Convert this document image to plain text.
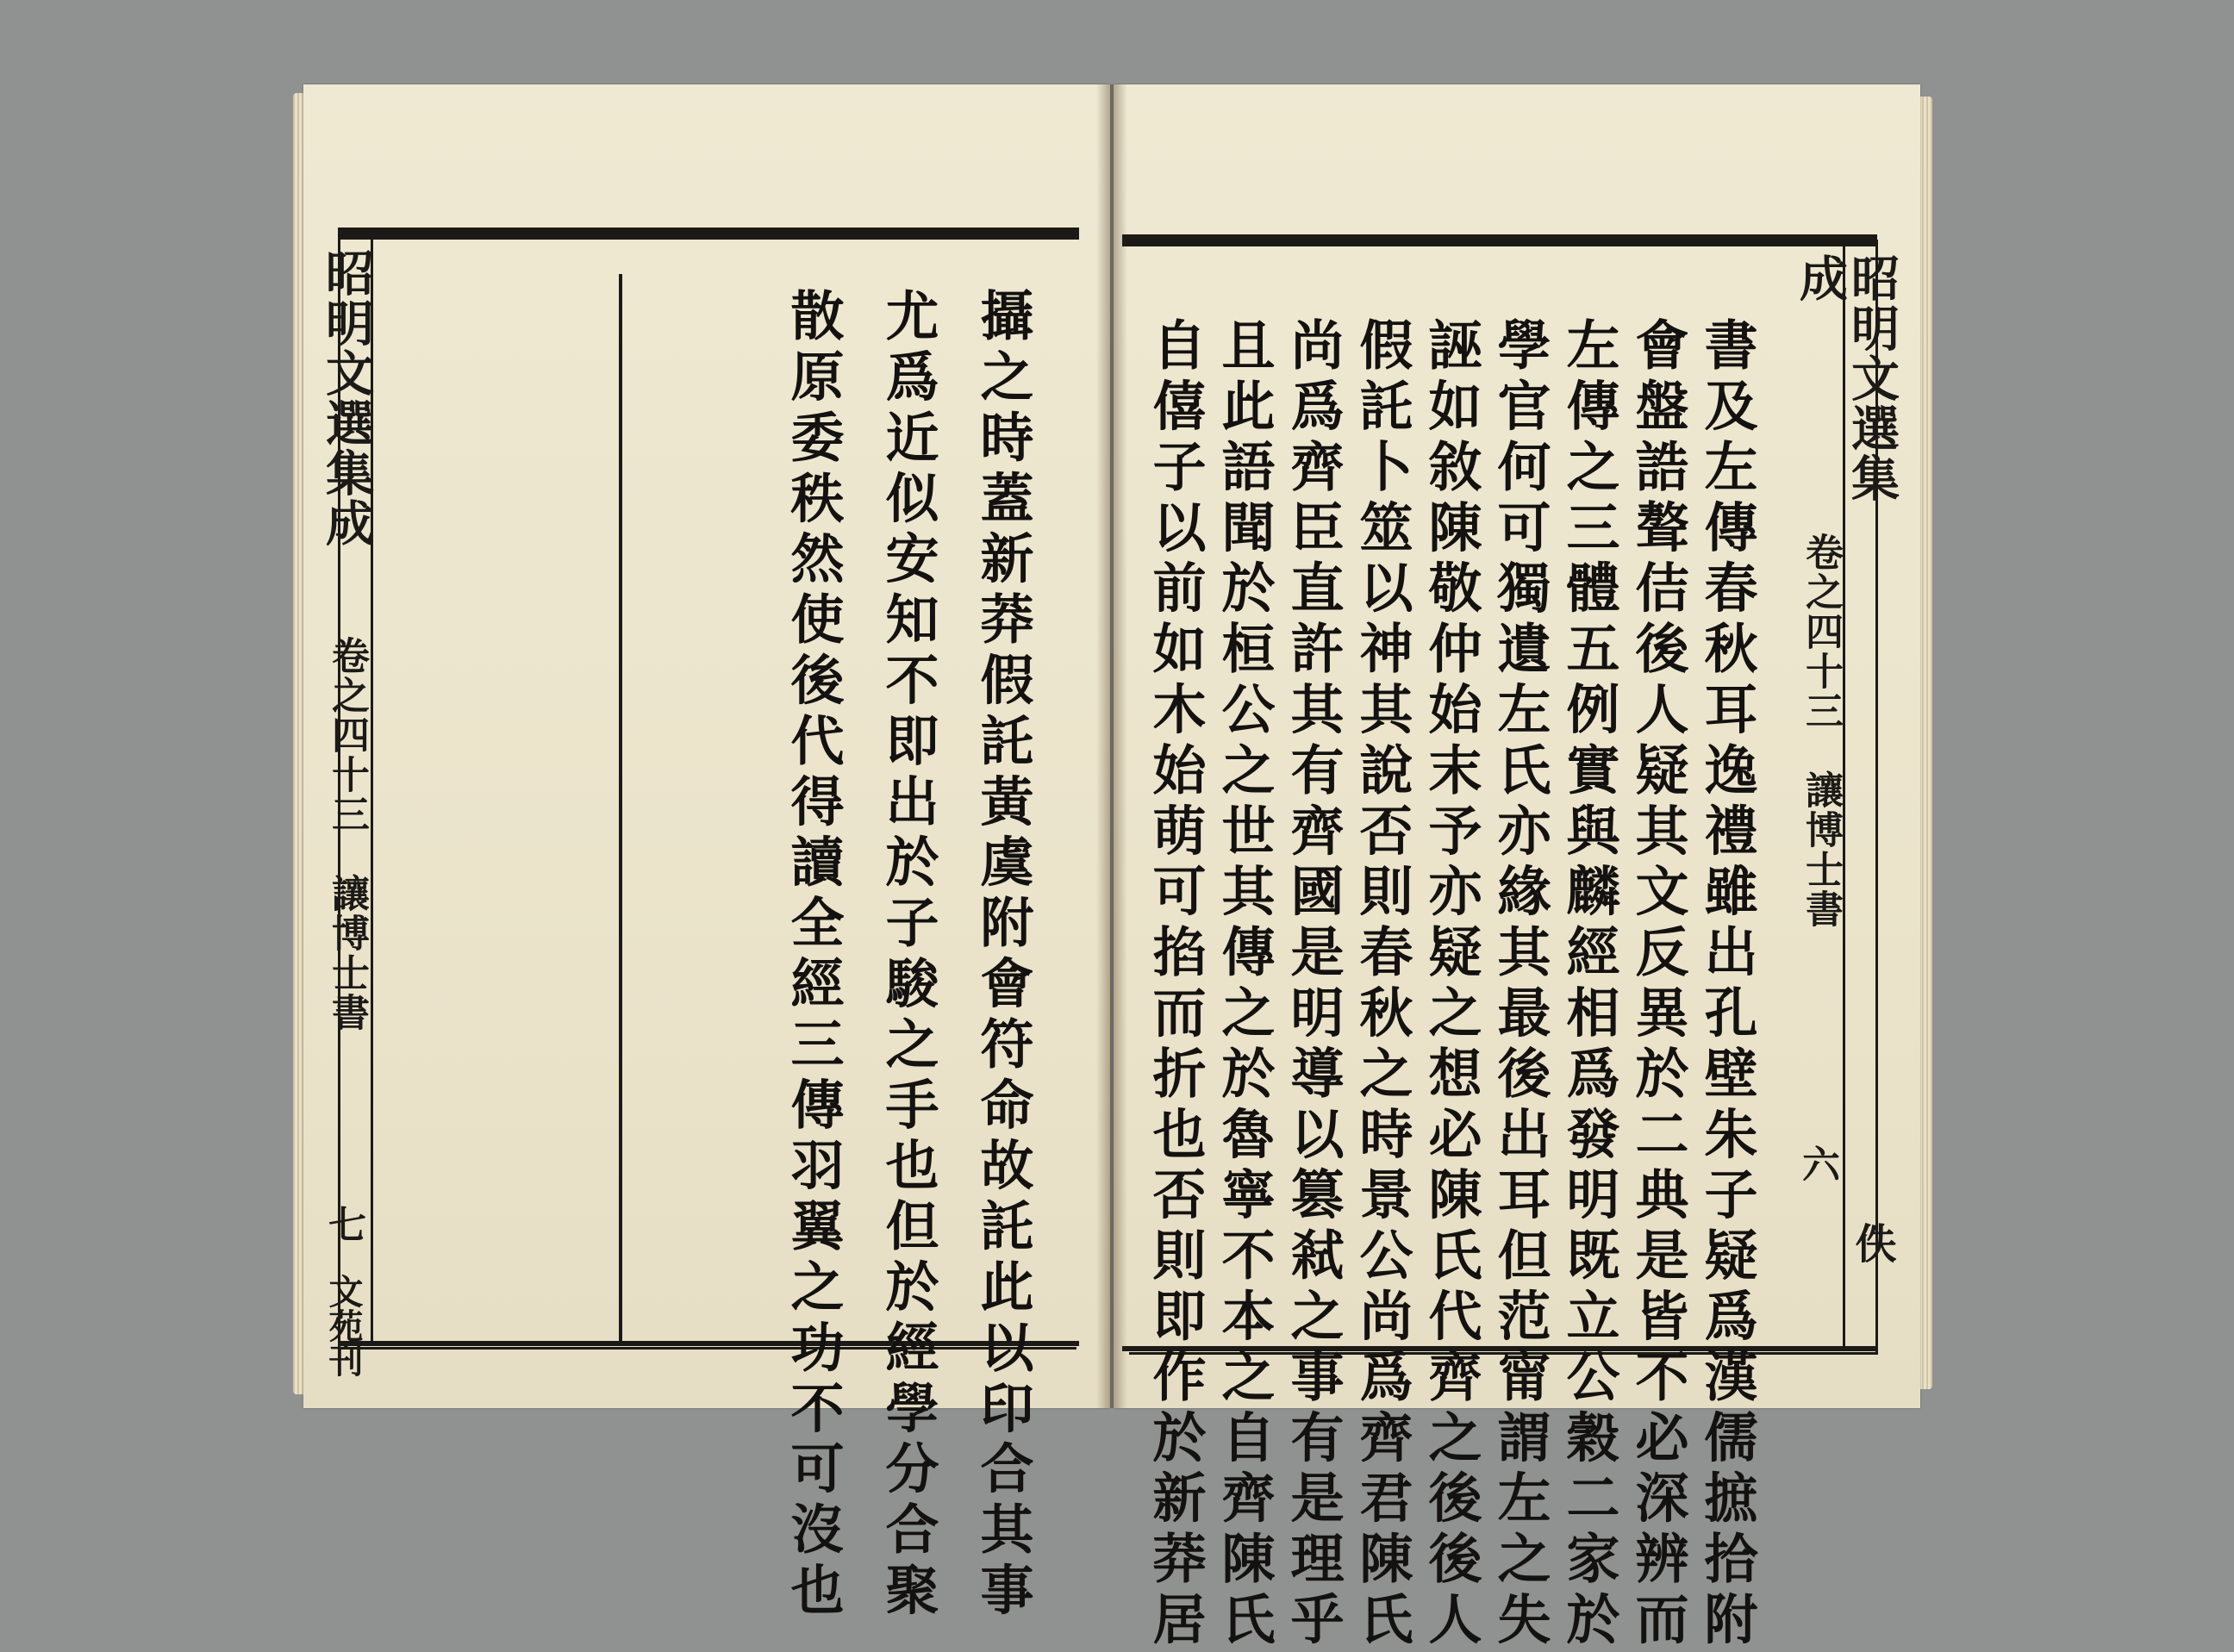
昭明文選集成
卷之四十三　讓博士書
七
文苑刊
　	攝之時蓋新莽假託黃虞附會符命故託此以印合其事
尤爲近似安知不即出於子駿之手也但於經學分合聚
散原委秩然使後代得讀全經三傳羽翼之功不可沒也	昭明文選集成
卷之四十三　讓博士書
六
佚
書及左傳春秋耳逸禮雖出孔壁朱子疑爲漢儒摭拾附
會盤誥聱佶後人疑其文反異於二典是皆不必深辨而
左傳之三體五例實與麟經相爲發明既立公穀二家於
學官何可獨遺左氏亦緣其最後出耳但范甯謂左之失
誣如敘陳敬仲始末予亦疑之想必陳氏代齊之後後人
假託卜筮以神其說否則春秋之時景公尚爲齊君陳氏
尚爲齊臣直許其有齊國是明導以篡弒之事有是理乎
且此語聞於桓公之世其傳之於魯寧不本之自齊陳氏
自僖子以前如木始萌可掐而折也否則即作於新莽居
